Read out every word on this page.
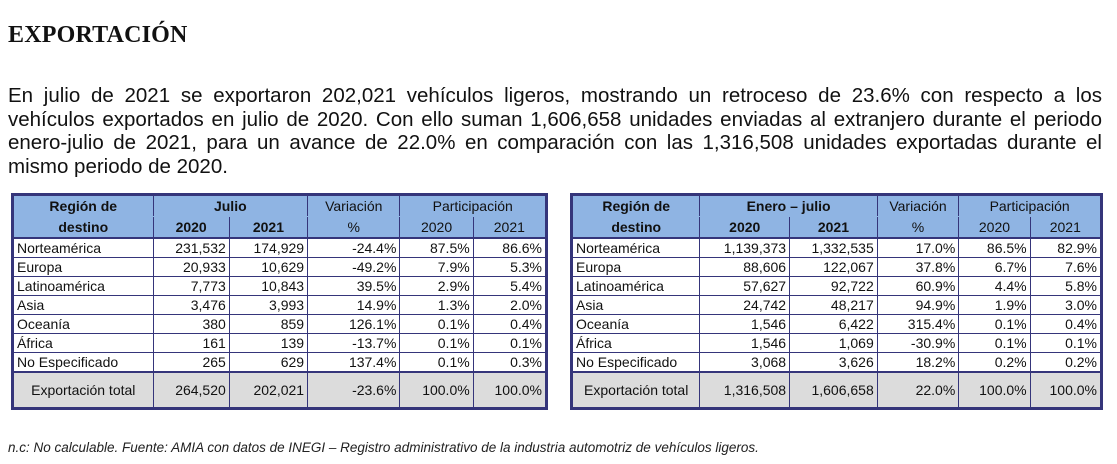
EXPORTACIÓN
En julio de 2021 se exportaron 202,021 vehículos ligeros, mostrando un retroceso de 23.6% con respecto a los vehículos exportados en julio de 2020. Con ello suman 1,606,658 unidades enviadas al extranjero durante el periodo enero-julio de 2021, para un avance de 22.0% en comparación con las 1,316,508 unidades exportadas durante el mismo periodo de 2020.
Región de	Julio		Variación	Participación	
destino	2020	2021	%	2020	2021
Norteamérica	231,532	174,929	-24.4%	87.5%	86.6%
Europa	20,933	10,629	-49.2%	7.9%	5.3%
Latinoamérica	7,773	10,843	39.5%	2.9%	5.4%
Asia	3,476	3,993	14.9%	1.3%	2.0%
Oceanía	380	859	126.1%	0.1%	0.4%
África	161	139	-13.7%	0.1%	0.1%
No Especificado	265	629	137.4%	0.1%	0.3%
Exportación total	264,520	202,021	-23.6%	100.0%	100.0%
Región de	Enero – julio		Variación	Participación	
destino	2020	2021	%	2020	2021
Norteamérica	1,139,373	1,332,535	17.0%	86.5%	82.9%
Europa	88,606	122,067	37.8%	6.7%	7.6%
Latinoamérica	57,627	92,722	60.9%	4.4%	5.8%
Asia	24,742	48,217	94.9%	1.9%	3.0%
Oceanía	1,546	6,422	315.4%	0.1%	0.4%
África	1,546	1,069	-30.9%	0.1%	0.1%
No Especificado	3,068	3,626	18.2%	0.2%	0.2%
Exportación total	1,316,508	1,606,658	22.0%	100.0%	100.0%
n.c: No calculable. Fuente: AMIA con datos de INEGI – Registro administrativo de la industria automotriz de vehículos ligeros.
